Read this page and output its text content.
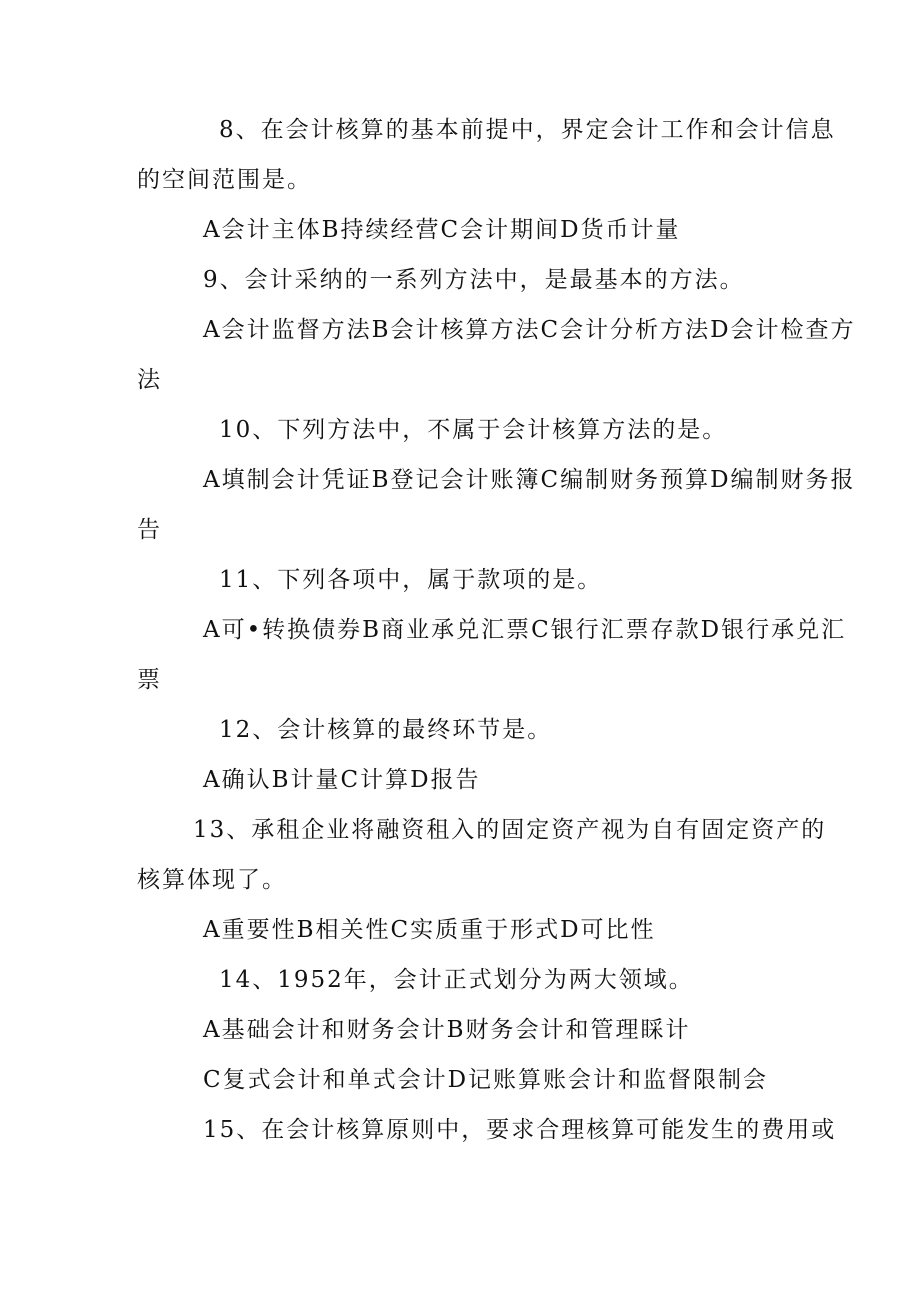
8、在会计核算的基本前提中，界定会计工作和会计信息
的空间范围是。
A会计主体B持续经营C会计期间D货币计量
9、会计采纳的一系列方法中，是最基本的方法。
A会计监督方法B会计核算方法C会计分析方法D会计检查方
法
10、下列方法中，不属于会计核算方法的是。
A填制会计凭证B登记会计账簿C编制财务预算D编制财务报
告
11、下列各项中，属于款项的是。
A可•转换债券B商业承兑汇票C银行汇票存款D银行承兑汇
票
12、会计核算的最终环节是。
A确认B计量C计算D报告
13、承租企业将融资租入的固定资产视为自有固定资产的
核算体现了。
A重要性B相关性C实质重于形式D可比性
14、1952年，会计正式划分为两大领域。
A基础会计和财务会计B财务会计和管理睬计
C复式会计和单式会计D记账算账会计和监督限制会
15、在会计核算原则中，要求合理核算可能发生的费用或
